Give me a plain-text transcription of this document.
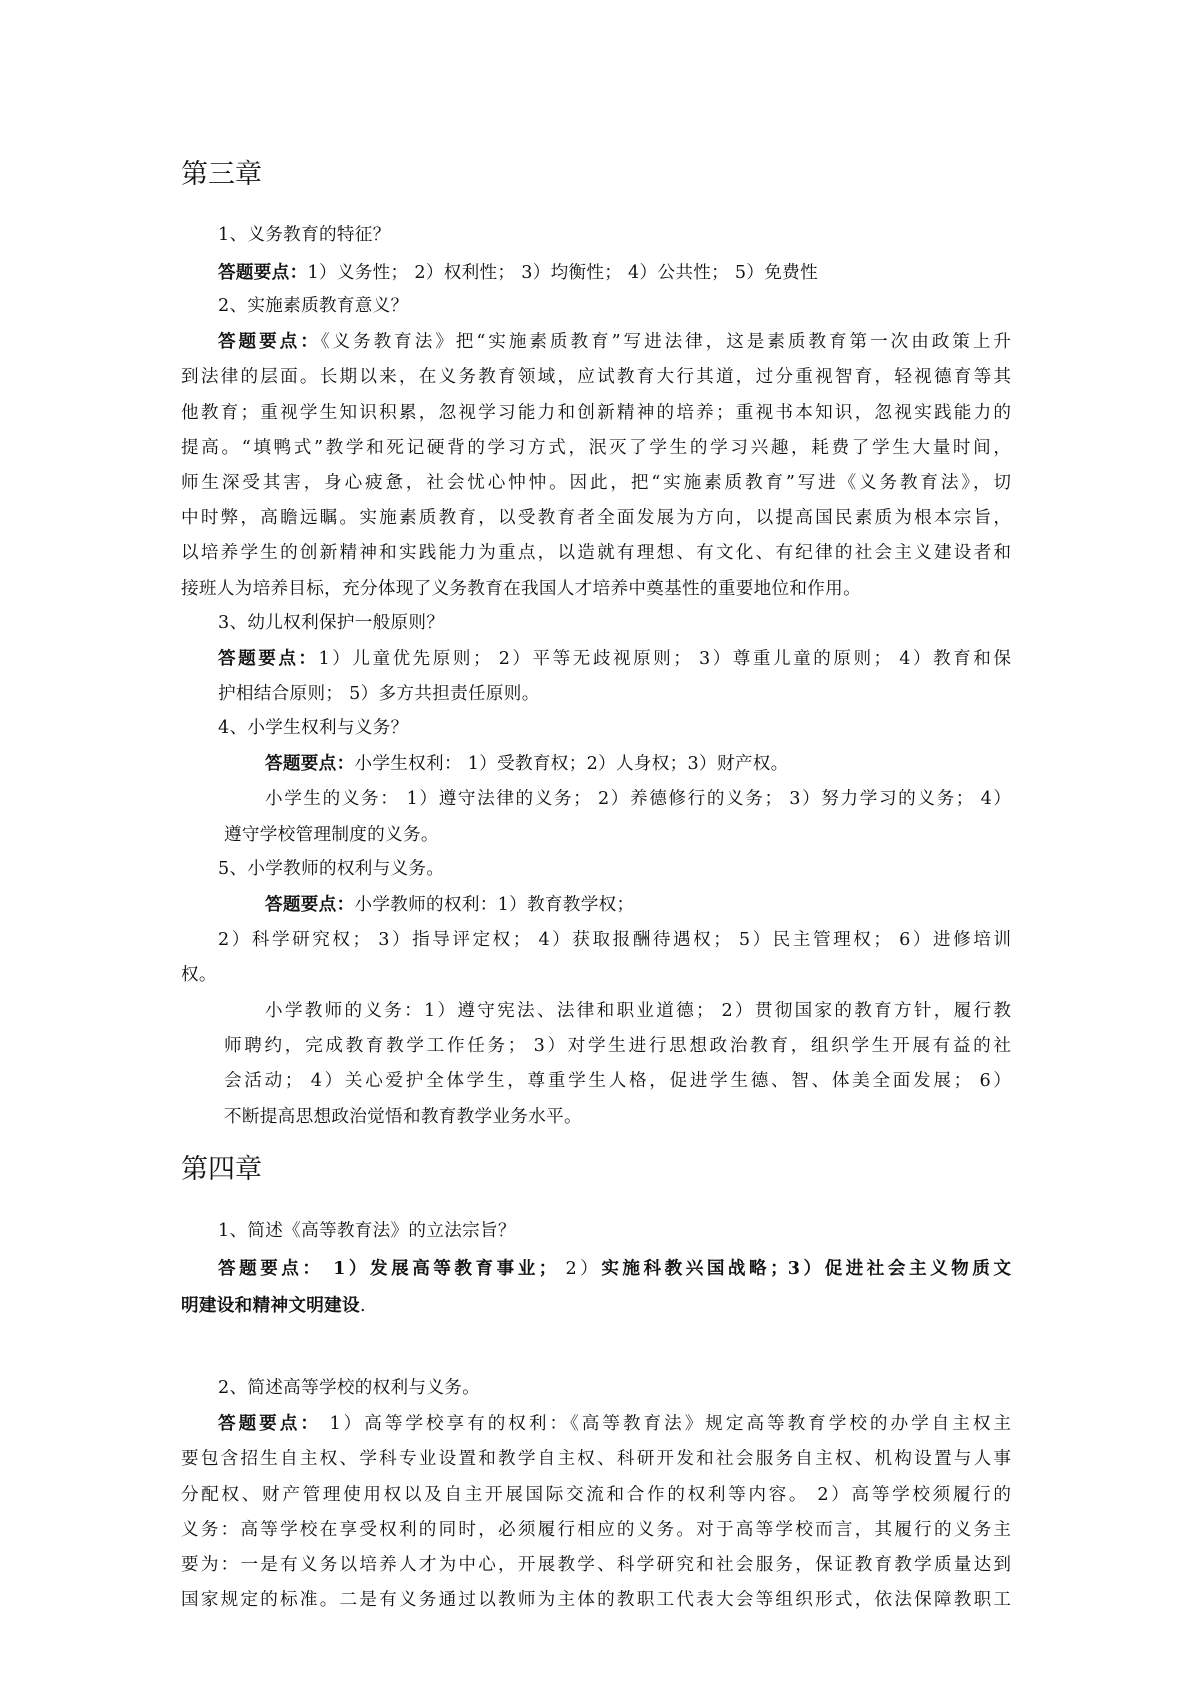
第三章
1、义务教育的特征？
答题要点：1）义务性； 2）权利性； 3）均衡性； 4）公共性； 5）免费性
2、实施素质教育意义？
答题要点：《义务教育法》把“实施素质教育”写进法律，这是素质教育第一次由政策上升
到法律的层面。长期以来，在义务教育领域，应试教育大行其道，过分重视智育，轻视德育等其
他教育；重视学生知识积累，忽视学习能力和创新精神的培养；重视书本知识，忽视实践能力的
提高。“填鸭式”教学和死记硬背的学习方式，泯灭了学生的学习兴趣，耗费了学生大量时间，
师生深受其害，身心疲惫，社会忧心忡忡。因此，把“实施素质教育”写进《义务教育法》，切
中时弊，高瞻远瞩。实施素质教育，以受教育者全面发展为方向，以提高国民素质为根本宗旨，
以培养学生的创新精神和实践能力为重点，以造就有理想、有文化、有纪律的社会主义建设者和
接班人为培养目标，充分体现了义务教育在我国人才培养中奠基性的重要地位和作用。
3、幼儿权利保护一般原则？
答题要点：1）儿童优先原则； 2）平等无歧视原则； 3）尊重儿童的原则； 4）教育和保
护相结合原则； 5）多方共担责任原则。
4、小学生权利与义务？
答题要点：小学生权利： 1）受教育权；2）人身权；3）财产权。
小学生的义务： 1）遵守法律的义务； 2）养德修行的义务； 3）努力学习的义务； 4）
遵守学校管理制度的义务。
5、小学教师的权利与义务。
答题要点：小学教师的权利：1）教育教学权；
2）科学研究权； 3）指导评定权； 4）获取报酬待遇权； 5）民主管理权； 6）进修培训
权。
小学教师的义务：1）遵守宪法、法律和职业道德； 2）贯彻国家的教育方针，履行教
师聘约，完成教育教学工作任务； 3）对学生进行思想政治教育，组织学生开展有益的社
会活动； 4）关心爱护全体学生，尊重学生人格，促进学生德、智、体美全面发展； 6）
不断提高思想政治觉悟和教育教学业务水平。
第四章
1、简述《高等教育法》的立法宗旨？
答题要点： 1）发展高等教育事业； 2）实施科教兴国战略；3）促进社会主义物质文
明建设和精神文明建设.
2、简述高等学校的权利与义务。
答题要点： 1）高等学校享有的权利：《高等教育法》规定高等教育学校的办学自主权主
要包含招生自主权、学科专业设置和教学自主权、科研开发和社会服务自主权、机构设置与人事
分配权、财产管理使用权以及自主开展国际交流和合作的权利等内容。 2）高等学校须履行的
义务：高等学校在享受权利的同时，必须履行相应的义务。对于高等学校而言，其履行的义务主
要为：一是有义务以培养人才为中心，开展教学、科学研究和社会服务，保证教育教学质量达到
国家规定的标准。二是有义务通过以教师为主体的教职工代表大会等组织形式，依法保障教职工
